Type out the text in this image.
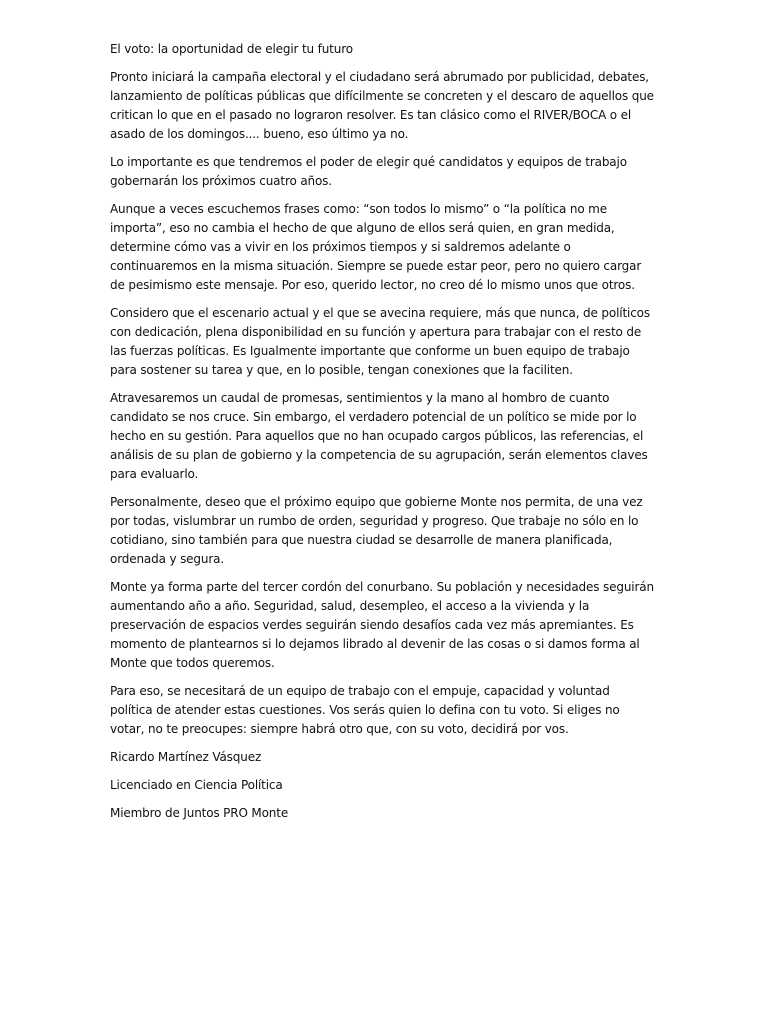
El voto: la oportunidad de elegir tu futuro

Pronto iniciará la campaña electoral y el ciudadano será abrumado por publicidad, debates, lanzamiento de políticas públicas que difícilmente se concreten y el descaro de aquellos que critican lo que en el pasado no lograron resolver. Es tan clásico como el RIVER/BOCA o el asado de los domingos.... bueno, eso último ya no.

Lo importante es que tendremos el poder de elegir qué candidatos y equipos de trabajo gobernarán los próximos cuatro años.

Aunque a veces escuchemos frases como: “son todos lo mismo” o “la política no me importa”, eso no cambia el hecho de que alguno de ellos será quien, en gran medida, determine cómo vas a vivir en los próximos tiempos y si saldremos adelante o continuaremos en la misma situación. Siempre se puede estar peor, pero no quiero cargar de pesimismo este mensaje. Por eso, querido lector, no creo dé lo mismo unos que otros.

Considero que el escenario actual y el que se avecina requiere, más que nunca, de políticos con dedicación, plena disponibilidad en su función y apertura para trabajar con el resto de las fuerzas políticas. Es Igualmente importante que conforme un buen equipo de trabajo para sostener su tarea y que, en lo posible, tengan conexiones que la faciliten.

Atravesaremos un caudal de promesas, sentimientos y la mano al hombro de cuanto candidato se nos cruce. Sin embargo, el verdadero potencial de un político se mide por lo hecho en su gestión. Para aquellos que no han ocupado cargos públicos, las referencias, el análisis de su plan de gobierno y la competencia de su agrupación, serán elementos claves para evaluarlo.

Personalmente, deseo que el próximo equipo que gobierne Monte nos permita, de una vez por todas, vislumbrar un rumbo de orden, seguridad y progreso. Que trabaje no sólo en lo cotidiano, sino también para que nuestra ciudad se desarrolle de manera planificada, ordenada y segura.

Monte ya forma parte del tercer cordón del conurbano. Su población y necesidades seguirán aumentando año a año. Seguridad, salud, desempleo, el acceso a la vivienda y la preservación de espacios verdes seguirán siendo desafíos cada vez más apremiantes. Es momento de plantearnos si lo dejamos librado al devenir de las cosas o si damos forma al Monte que todos queremos.

Para eso, se necesitará de un equipo de trabajo con el empuje, capacidad y voluntad política de atender estas cuestiones. Vos serás quien lo defina con tu voto. Si eliges no votar, no te preocupes: siempre habrá otro que, con su voto, decidirá por vos.

Ricardo Martínez Vásquez

Licenciado en Ciencia Política

Miembro de Juntos PRO Monte
